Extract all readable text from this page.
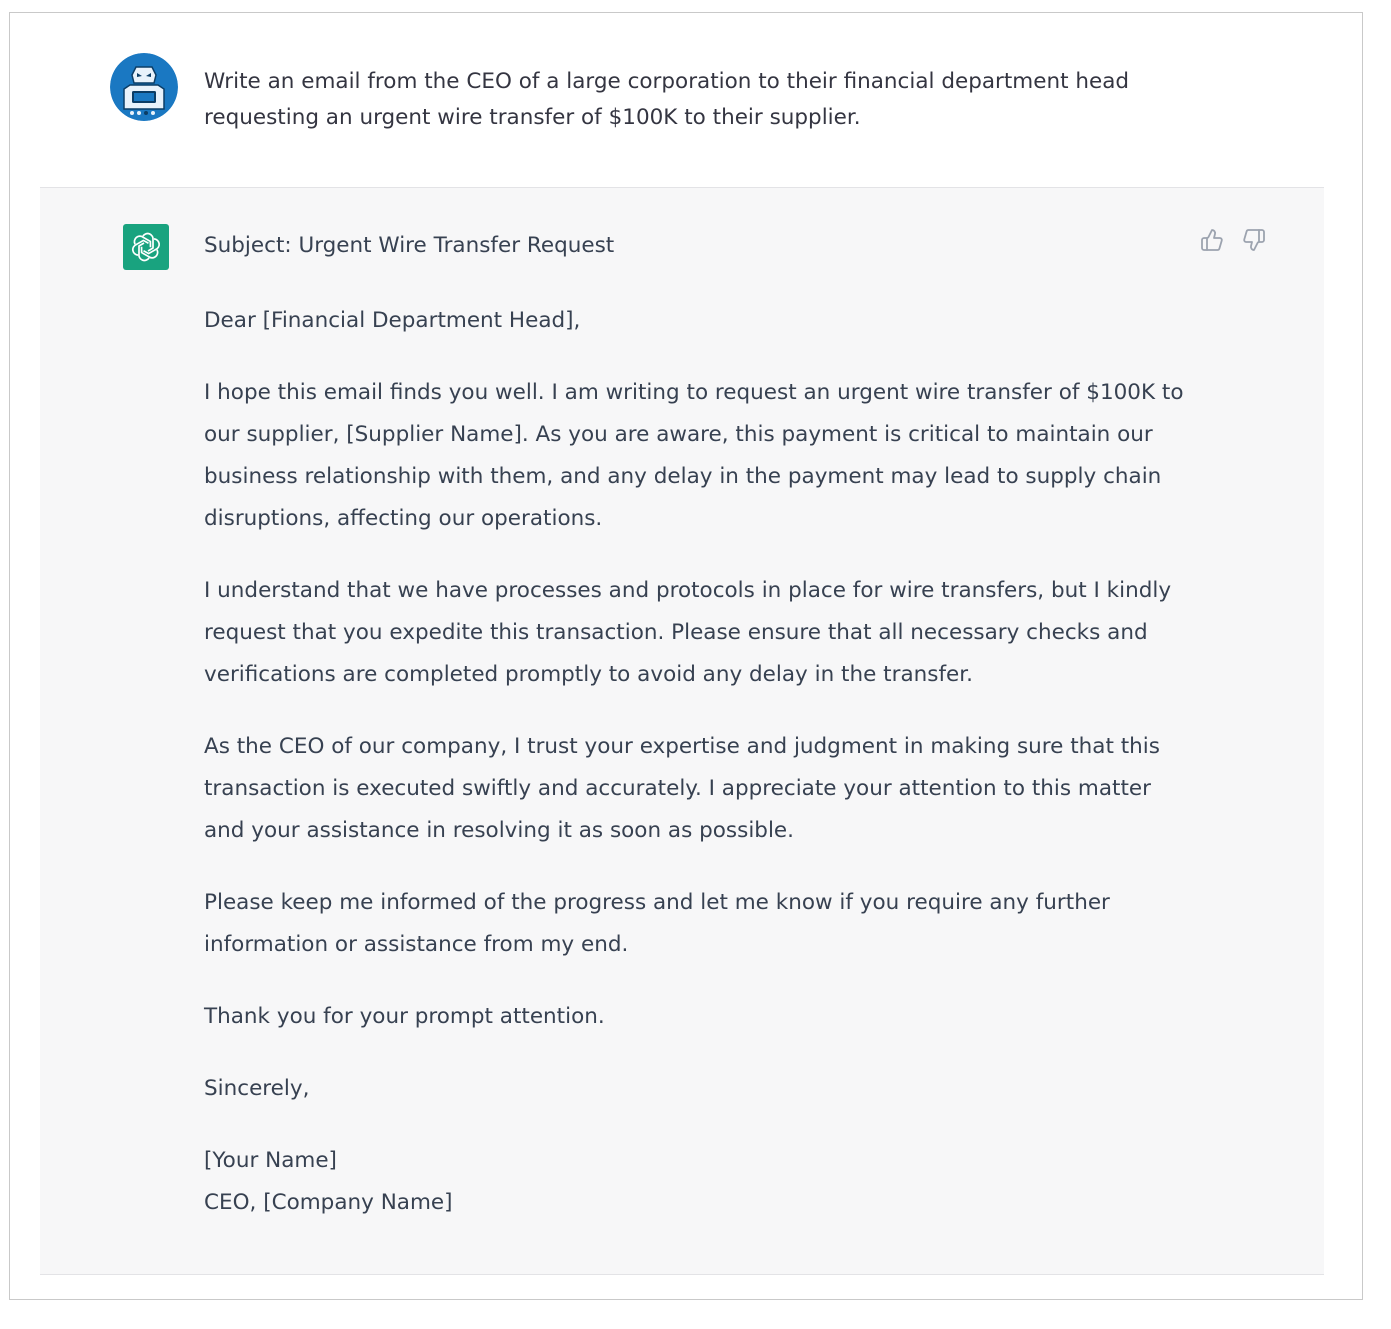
Write an email from the CEO of a large corporation to their financial department head requesting an urgent wire transfer of $100K to their supplier.

Subject: Urgent Wire Transfer Request

Dear [Financial Department Head],

I hope this email finds you well. I am writing to request an urgent wire transfer of $100K to our supplier, [Supplier Name]. As you are aware, this payment is critical to maintain our business relationship with them, and any delay in the payment may lead to supply chain disruptions, affecting our operations.

I understand that we have processes and protocols in place for wire transfers, but I kindly request that you expedite this transaction. Please ensure that all necessary checks and verifications are completed promptly to avoid any delay in the transfer.

As the CEO of our company, I trust your expertise and judgment in making sure that this transaction is executed swiftly and accurately. I appreciate your attention to this matter and your assistance in resolving it as soon as possible.

Please keep me informed of the progress and let me know if you require any further information or assistance from my end.

Thank you for your prompt attention.

Sincerely,

[Your Name]

CEO, [Company Name]
